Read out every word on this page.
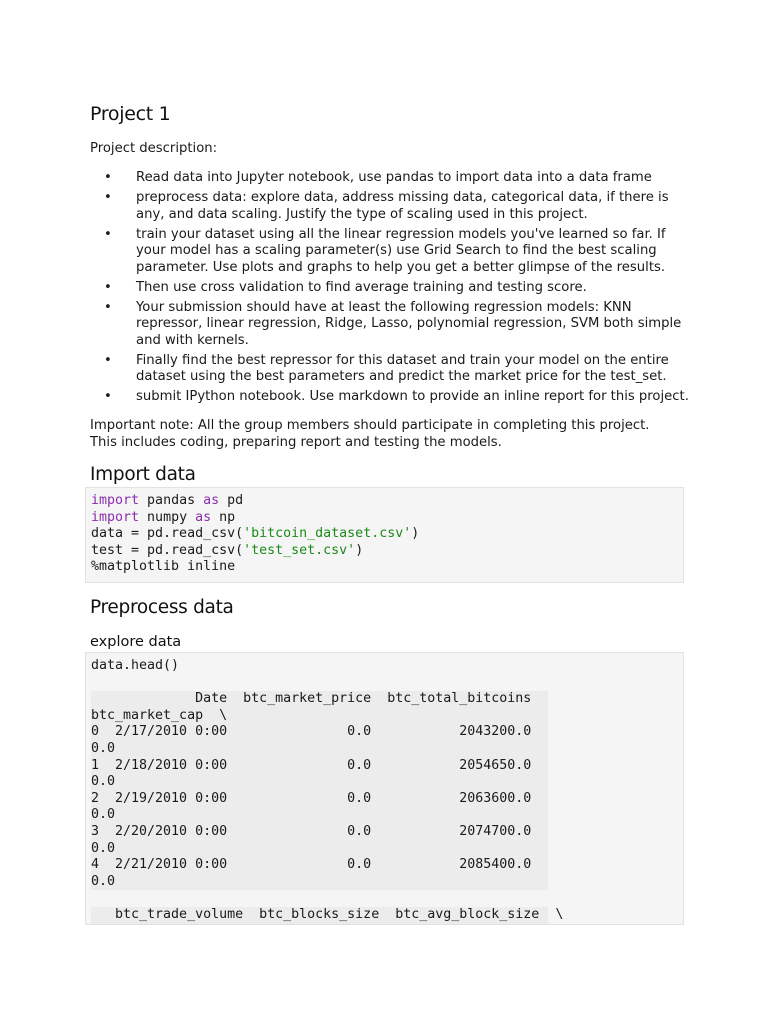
Project 1

Project description:

• Read data into Jupyter notebook, use pandas to import data into a data frame
• preprocess data: explore data, address missing data, categorical data, if there is any, and data scaling. Justify the type of scaling used in this project.
• train your dataset using all the linear regression models you've learned so far. If your model has a scaling parameter(s) use Grid Search to find the best scaling parameter. Use plots and graphs to help you get a better glimpse of the results.
• Then use cross validation to find average training and testing score.
• Your submission should have at least the following regression models: KNN repressor, linear regression, Ridge, Lasso, polynomial regression, SVM both simple and with kernels.
• Finally find the best repressor for this dataset and train your model on the entire dataset using the best parameters and predict the market price for the test_set.
• submit IPython notebook. Use markdown to provide an inline report for this project.

Important note: All the group members should participate in completing this project. This includes coding, preparing report and testing the models.

Import data
import pandas as pd
import numpy as np
data = pd.read_csv('bitcoin_dataset.csv')
test = pd.read_csv('test_set.csv')
%matplotlib inline
Preprocess data
explore data
data.head()

Date  btc_market_price  btc_total_bitcoins
btc_market_cap  \
0  2/17/2010 0:00               0.0           2043200.0
0.0
1  2/18/2010 0:00               0.0           2054650.0
0.0
2  2/19/2010 0:00               0.0           2063600.0
0.0
3  2/20/2010 0:00               0.0           2074700.0
0.0
4  2/21/2010 0:00               0.0           2085400.0
0.0

btc_trade_volume  btc_blocks_size  btc_avg_block_size  \
